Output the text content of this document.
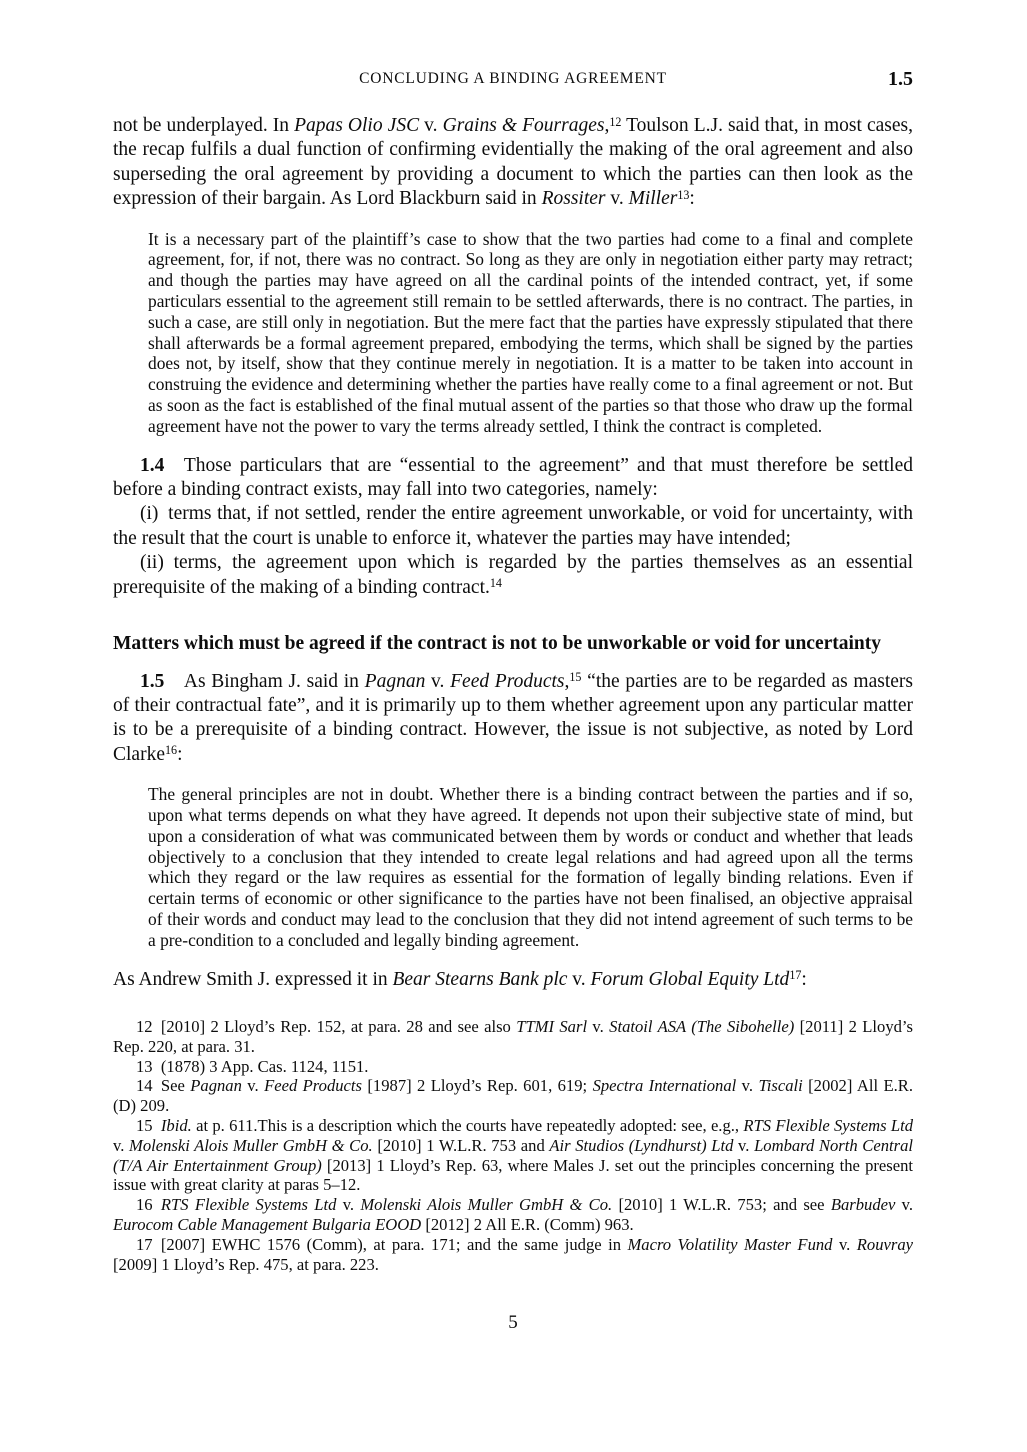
CONCLUDING A BINDING AGREEMENT	1.5

not be underplayed. In Papas Olio JSC v. Grains & Fourrages,$^{12}$ Toulson L.J. said that, in most cases, the recap fulfils a dual function of confirming evidentially the making of the oral agreement and also superseding the oral agreement by providing a document to which the parties can then look as the expression of their bargain. As Lord Blackburn said in Rossiter v. Miller$^{13}$:

It is a necessary part of the plaintiff’s case to show that the two parties had come to a final and complete agreement, for, if not, there was no contract. So long as they are only in negotiation either party may retract; and though the parties may have agreed on all the cardinal points of the intended contract, yet, if some particulars essential to the agreement still remain to be settled afterwards, there is no contract. The parties, in such a case, are still only in negotiation. But the mere fact that the parties have expressly stipulated that there shall afterwards be a formal agreement prepared, embodying the terms, which shall be signed by the parties does not, by itself, show that they continue merely in negotiation. It is a matter to be taken into account in construing the evidence and determining whether the parties have really come to a final agreement or not. But as soon as the fact is established of the final mutual assent of the parties so that those who draw up the formal agreement have not the power to vary the terms already settled, I think the contract is completed.

1.4 Those particulars that are “essential to the agreement” and that must therefore be settled before a binding contract exists, may fall into two categories, namely:

(i) terms that, if not settled, render the entire agreement unworkable, or void for uncertainty, with the result that the court is unable to enforce it, whatever the parties may have intended;

(ii) terms, the agreement upon which is regarded by the parties themselves as an essential prerequisite of the making of a binding contract.$^{14}$

Matters which must be agreed if the contract is not to be unworkable or void for uncertainty

1.5 As Bingham J. said in Pagnan v. Feed Products,$^{15}$ “the parties are to be regarded as masters of their contractual fate”, and it is primarily up to them whether agreement upon any particular matter is to be a prerequisite of a binding contract. However, the issue is not subjective, as noted by Lord Clarke$^{16}$:

The general principles are not in doubt. Whether there is a binding contract between the parties and if so, upon what terms depends on what they have agreed. It depends not upon their subjective state of mind, but upon a consideration of what was communicated between them by words or conduct and whether that leads objectively to a conclusion that they intended to create legal relations and had agreed upon all the terms which they regard or the law requires as essential for the formation of legally binding relations. Even if certain terms of economic or other significance to the parties have not been finalised, an objective appraisal of their words and conduct may lead to the conclusion that they did not intend agreement of such terms to be a pre-condition to a concluded and legally binding agreement.

As Andrew Smith J. expressed it in Bear Stearns Bank plc v. Forum Global Equity Ltd$^{17}$:

12 [2010] 2 Lloyd’s Rep. 152, at para. 28 and see also TTMI Sarl v. Statoil ASA (The Sibohelle) [2011] 2 Lloyd’s Rep. 220, at para. 31.

13 (1878) 3 App. Cas. 1124, 1151.

14 See Pagnan v. Feed Products [1987] 2 Lloyd’s Rep. 601, 619; Spectra International v. Tiscali [2002] All E.R.(D) 209.

15 Ibid. at p. 611.This is a description which the courts have repeatedly adopted: see, e.g., RTS Flexible Systems Ltd v. Molenski Alois Muller GmbH & Co. [2010] 1 W.L.R. 753 and Air Studios (Lyndhurst) Ltd v. Lombard North Central (T/A Air Entertainment Group) [2013] 1 Lloyd’s Rep. 63, where Males J. set out the principles concerning the present issue with great clarity at paras 5–12.

16 RTS Flexible Systems Ltd v. Molenski Alois Muller GmbH & Co. [2010] 1 W.L.R. 753; and see Barbudev v. Eurocom Cable Management Bulgaria EOOD [2012] 2 All E.R. (Comm) 963.

17 [2007] EWHC 1576 (Comm), at para. 171; and the same judge in Macro Volatility Master Fund v. Rouvray [2009] 1 Lloyd’s Rep. 475, at para. 223.

5
